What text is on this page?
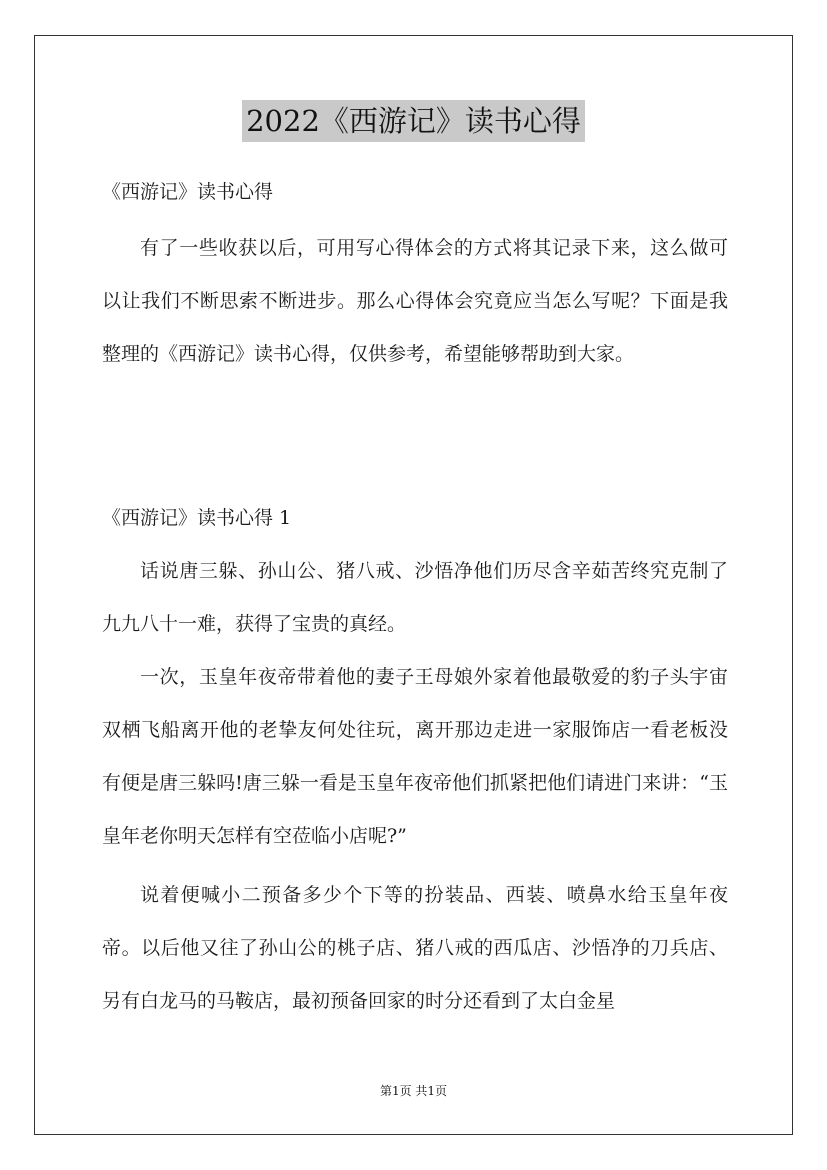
2022《西游记》读书心得

《西游记》读书心得

有了一些收获以后，可用写心得体会的方式将其记录下来，这么做可以让我们不断思索不断进步。那么心得体会究竟应当怎么写呢？下面是我整理的《西游记》读书心得，仅供参考，希望能够帮助到大家。

《西游记》读书心得 1

话说唐三躲、孙山公、猪八戒、沙悟净他们历尽含辛茹苦终究克制了九九八十一难，获得了宝贵的真经。

一次，玉皇年夜帝带着他的妻子王母娘外家着他最敬爱的豹子头宇宙双栖飞船离开他的老挚友何处往玩，离开那边走进一家服饰店一看老板没有便是唐三躲吗!唐三躲一看是玉皇年夜帝他们抓紧把他们请进门来讲：“玉皇年老你明天怎样有空莅临小店呢?”

说着便喊小二预备多少个下等的扮装品、西装、喷鼻水给玉皇年夜帝。以后他又往了孙山公的桃子店、猪八戒的西瓜店、沙悟净的刀兵店、另有白龙马的马鞍店，最初预备回家的时分还看到了太白金星

第1页 共1页
